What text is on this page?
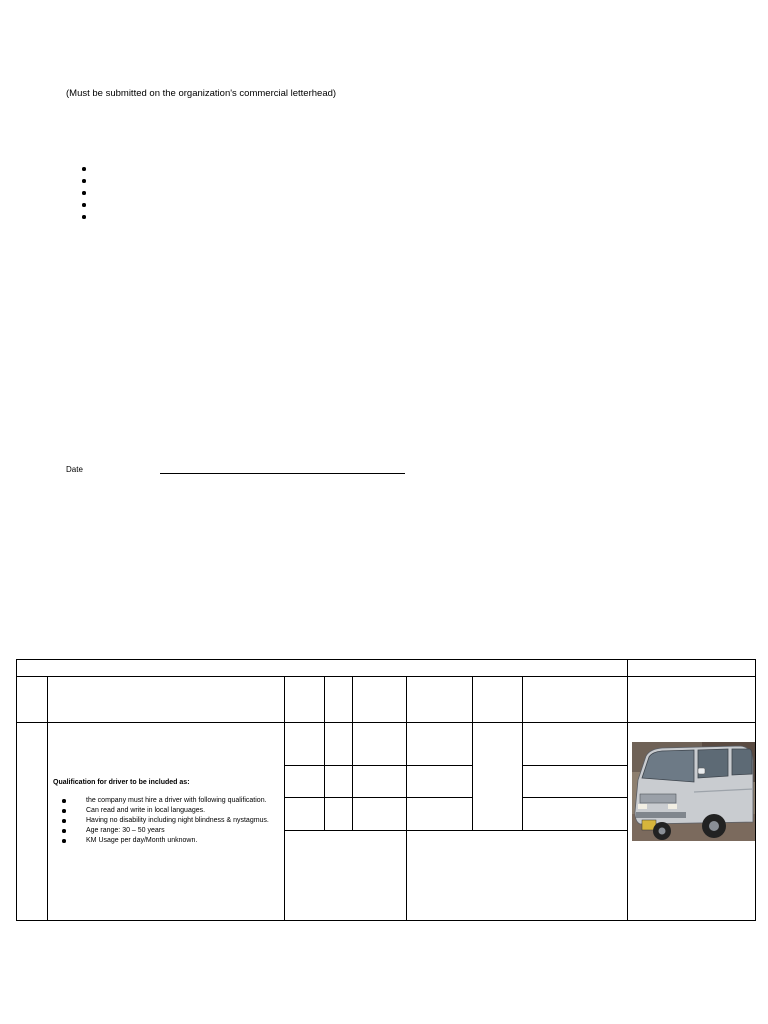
(Must be submitted on the organization's commercial letterhead)
Date
Qualification for driver to be included as:
the company must hire a driver with following qualification.
Can read and write in local languages.
Having no disability including night blindness & nystagmus.
Age range: 30 – 50 years
KM Usage per day/Month unknown.
